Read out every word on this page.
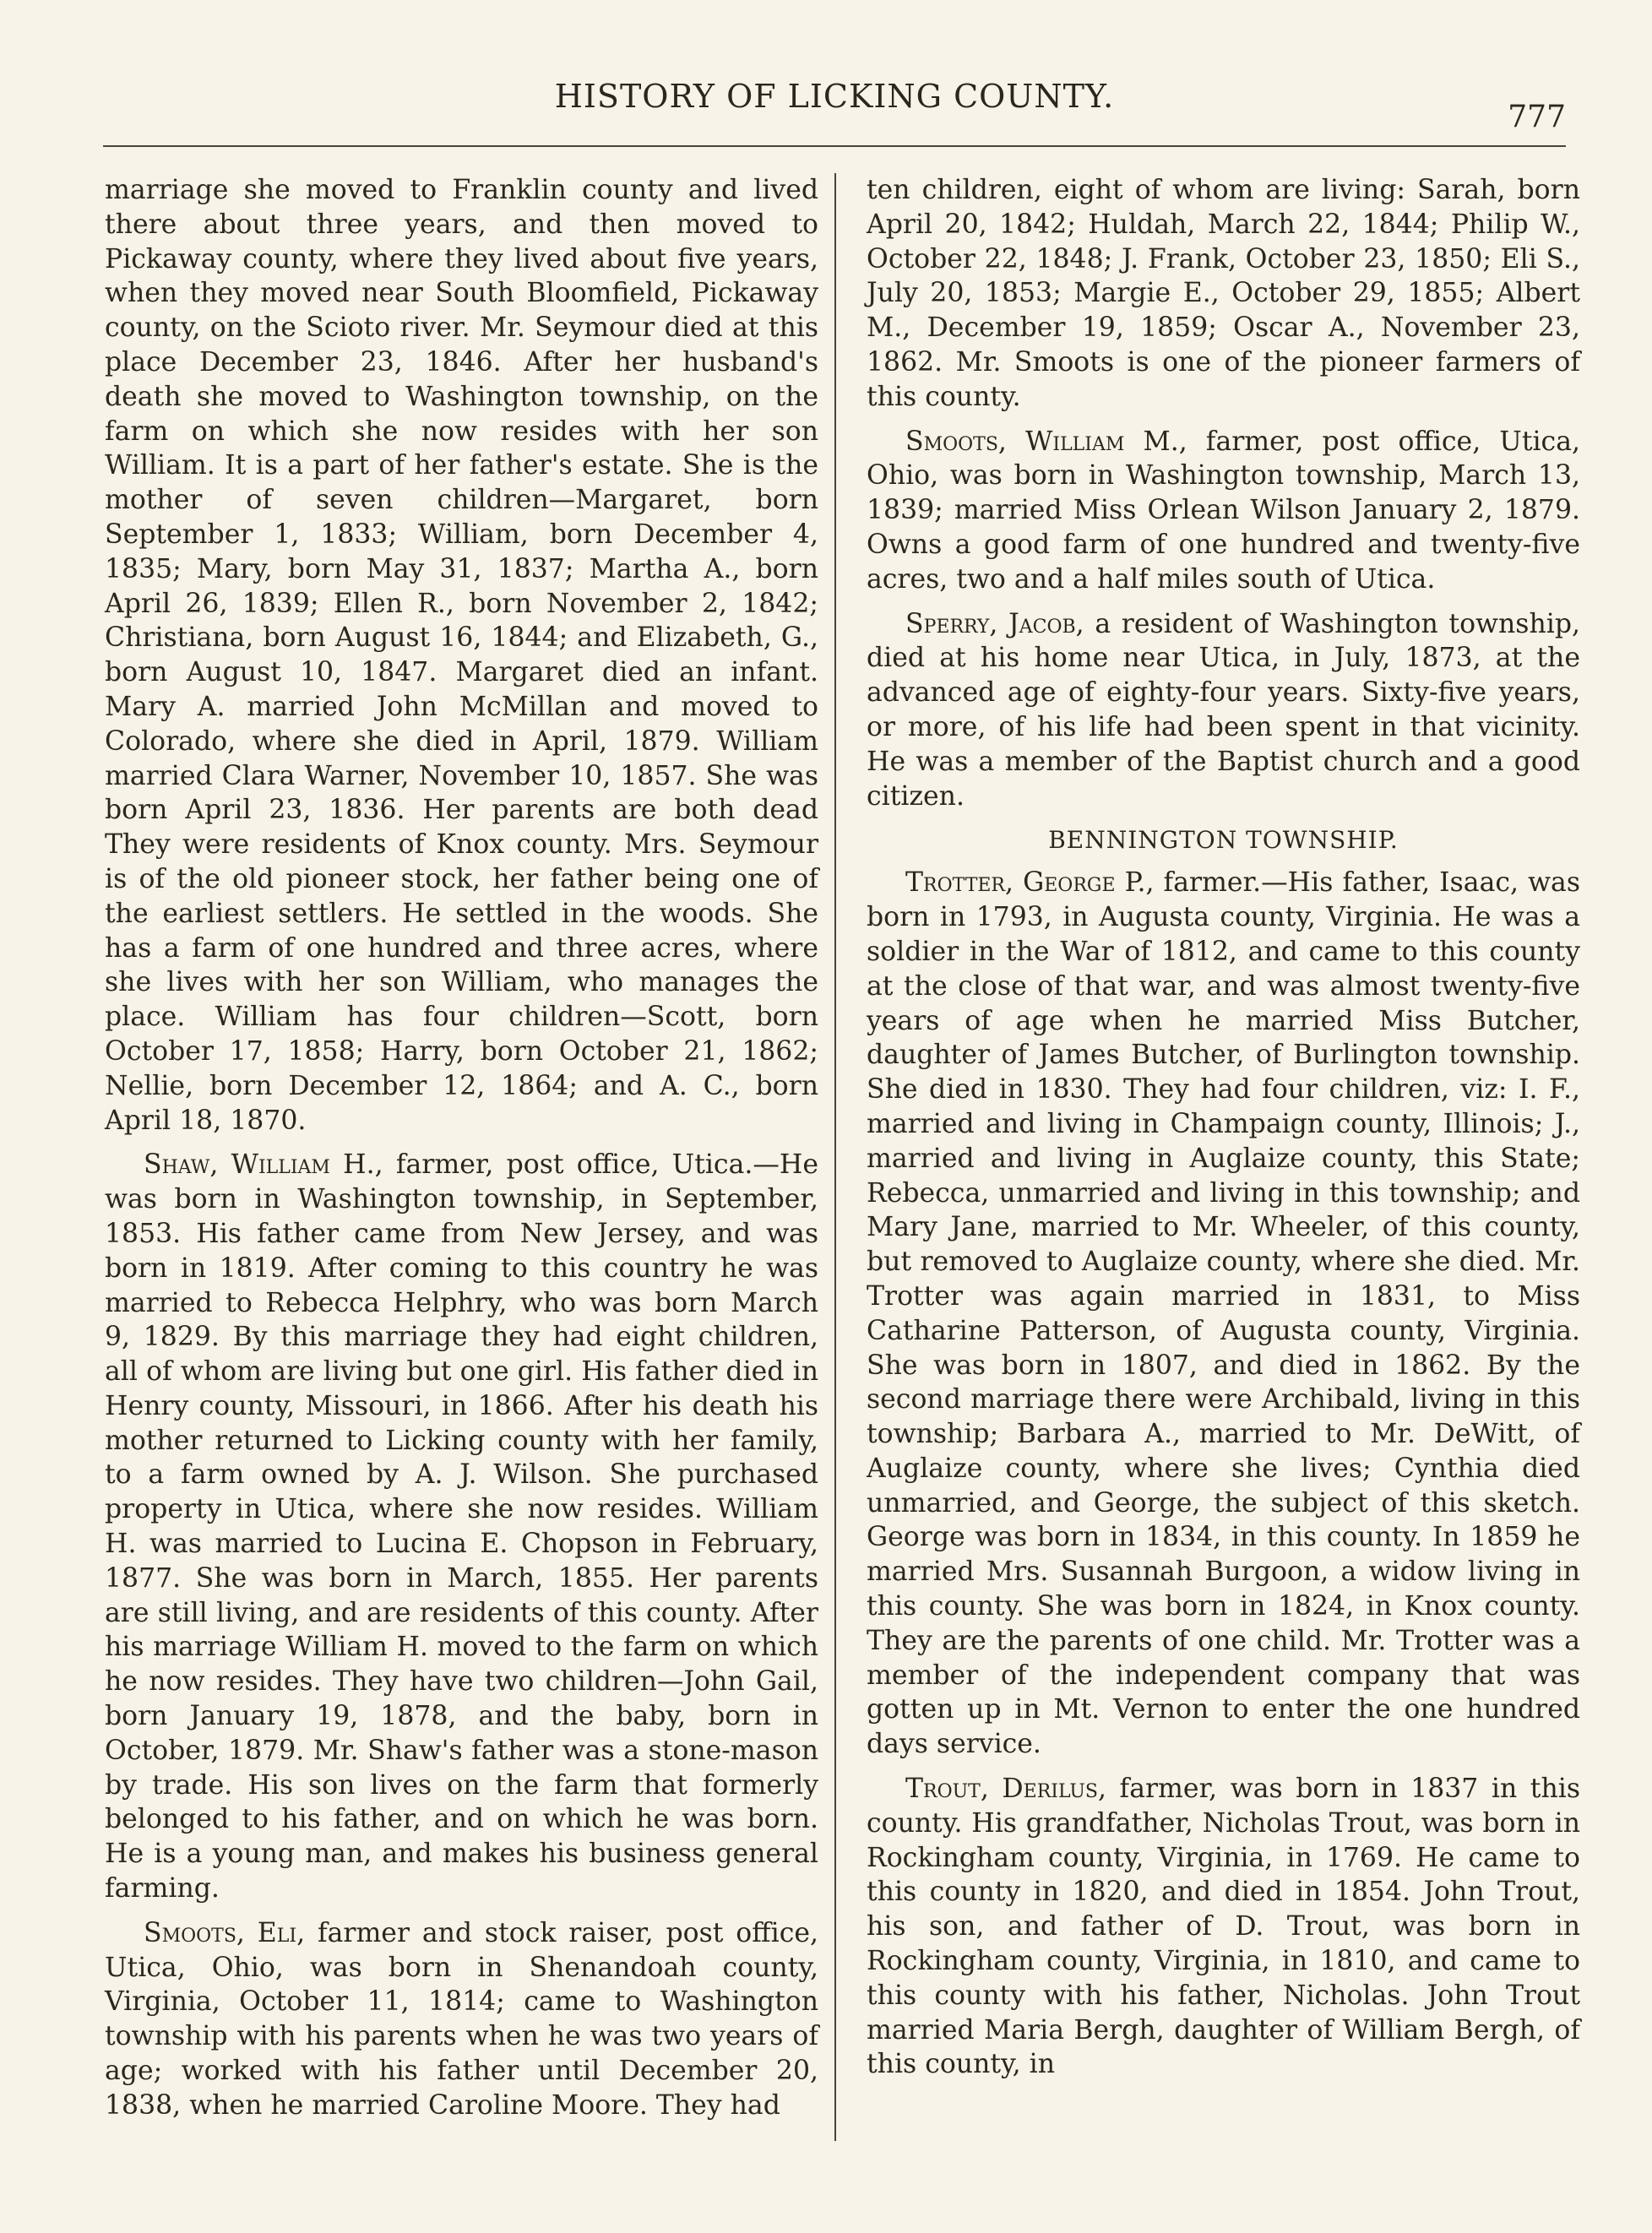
HISTORY OF LICKING COUNTY.
777

marriage she moved to Franklin county and lived there about three years, and then moved to Pickaway county, where they lived about five years, when they moved near South Bloomfield, Pickaway county, on the Scioto river. Mr. Seymour died at this place December 23, 1846. After her husband's death she moved to Washington township, on the farm on which she now resides with her son William. It is a part of her father's estate. She is the mother of seven children—Margaret, born September 1, 1833; William, born December 4, 1835; Mary, born May 31, 1837; Martha A., born April 26, 1839; Ellen R., born November 2, 1842; Christiana, born August 16, 1844; and Elizabeth, G., born August 10, 1847. Margaret died an infant. Mary A. married John McMillan and moved to Colorado, where she died in April, 1879. William married Clara Warner, November 10, 1857. She was born April 23, 1836. Her parents are both dead They were residents of Knox county. Mrs. Seymour is of the old pioneer stock, her father being one of the earliest settlers. He settled in the woods. She has a farm of one hundred and three acres, where she lives with her son William, who manages the place. William has four children—Scott, born October 17, 1858; Harry, born October 21, 1862; Nellie, born December 12, 1864; and A. C., born April 18, 1870.

Shaw, William H., farmer, post office, Utica.—He was born in Washington township, in September, 1853. His father came from New Jersey, and was born in 1819. After coming to this country he was married to Rebecca Helphry, who was born March 9, 1829. By this marriage they had eight children, all of whom are living but one girl. His father died in Henry county, Missouri, in 1866. After his death his mother returned to Licking county with her family, to a farm owned by A. J. Wilson. She purchased property in Utica, where she now resides. William H. was married to Lucina E. Chopson in February, 1877. She was born in March, 1855. Her parents are still living, and are residents of this county. After his marriage William H. moved to the farm on which he now resides. They have two children—John Gail, born January 19, 1878, and the baby, born in October, 1879. Mr. Shaw's father was a stone-mason by trade. His son lives on the farm that formerly belonged to his father, and on which he was born. He is a young man, and makes his business general farming.

Smoots, Eli, farmer and stock raiser, post office, Utica, Ohio, was born in Shenandoah county, Virginia, October 11, 1814; came to Washington township with his parents when he was two years of age; worked with his father until December 20, 1838, when he married Caroline Moore. They had

ten children, eight of whom are living: Sarah, born April 20, 1842; Huldah, March 22, 1844; Philip W., October 22, 1848; J. Frank, October 23, 1850; Eli S., July 20, 1853; Margie E., October 29, 1855; Albert M., December 19, 1859; Oscar A., November 23, 1862. Mr. Smoots is one of the pioneer farmers of this county.

Smoots, William M., farmer, post office, Utica, Ohio, was born in Washington township, March 13, 1839; married Miss Orlean Wilson January 2, 1879. Owns a good farm of one hundred and twenty-five acres, two and a half miles south of Utica.

Sperry, Jacob, a resident of Washington township, died at his home near Utica, in July, 1873, at the advanced age of eighty-four years. Sixty-five years, or more, of his life had been spent in that vicinity. He was a member of the Baptist church and a good citizen.

BENNINGTON TOWNSHIP.

Trotter, George P., farmer.—His father, Isaac, was born in 1793, in Augusta county, Virginia. He was a soldier in the War of 1812, and came to this county at the close of that war, and was almost twenty-five years of age when he married Miss Butcher, daughter of James Butcher, of Burlington township. She died in 1830. They had four children, viz: I. F., married and living in Champaign county, Illinois; J., married and living in Auglaize county, this State; Rebecca, unmarried and living in this township; and Mary Jane, married to Mr. Wheeler, of this county, but removed to Auglaize county, where she died. Mr. Trotter was again married in 1831, to Miss Catharine Patterson, of Augusta county, Virginia. She was born in 1807, and died in 1862. By the second marriage there were Archibald, living in this township; Barbara A., married to Mr. DeWitt, of Auglaize county, where she lives; Cynthia died unmarried, and George, the subject of this sketch. George was born in 1834, in this county. In 1859 he married Mrs. Susannah Burgoon, a widow living in this county. She was born in 1824, in Knox county. They are the parents of one child. Mr. Trotter was a member of the independent company that was gotten up in Mt. Vernon to enter the one hundred days service.

Trout, Derilus, farmer, was born in 1837 in this county. His grandfather, Nicholas Trout, was born in Rockingham county, Virginia, in 1769. He came to this county in 1820, and died in 1854. John Trout, his son, and father of D. Trout, was born in Rockingham county, Virginia, in 1810, and came to this county with his father, Nicholas. John Trout married Maria Bergh, daughter of William Bergh, of this county, in
